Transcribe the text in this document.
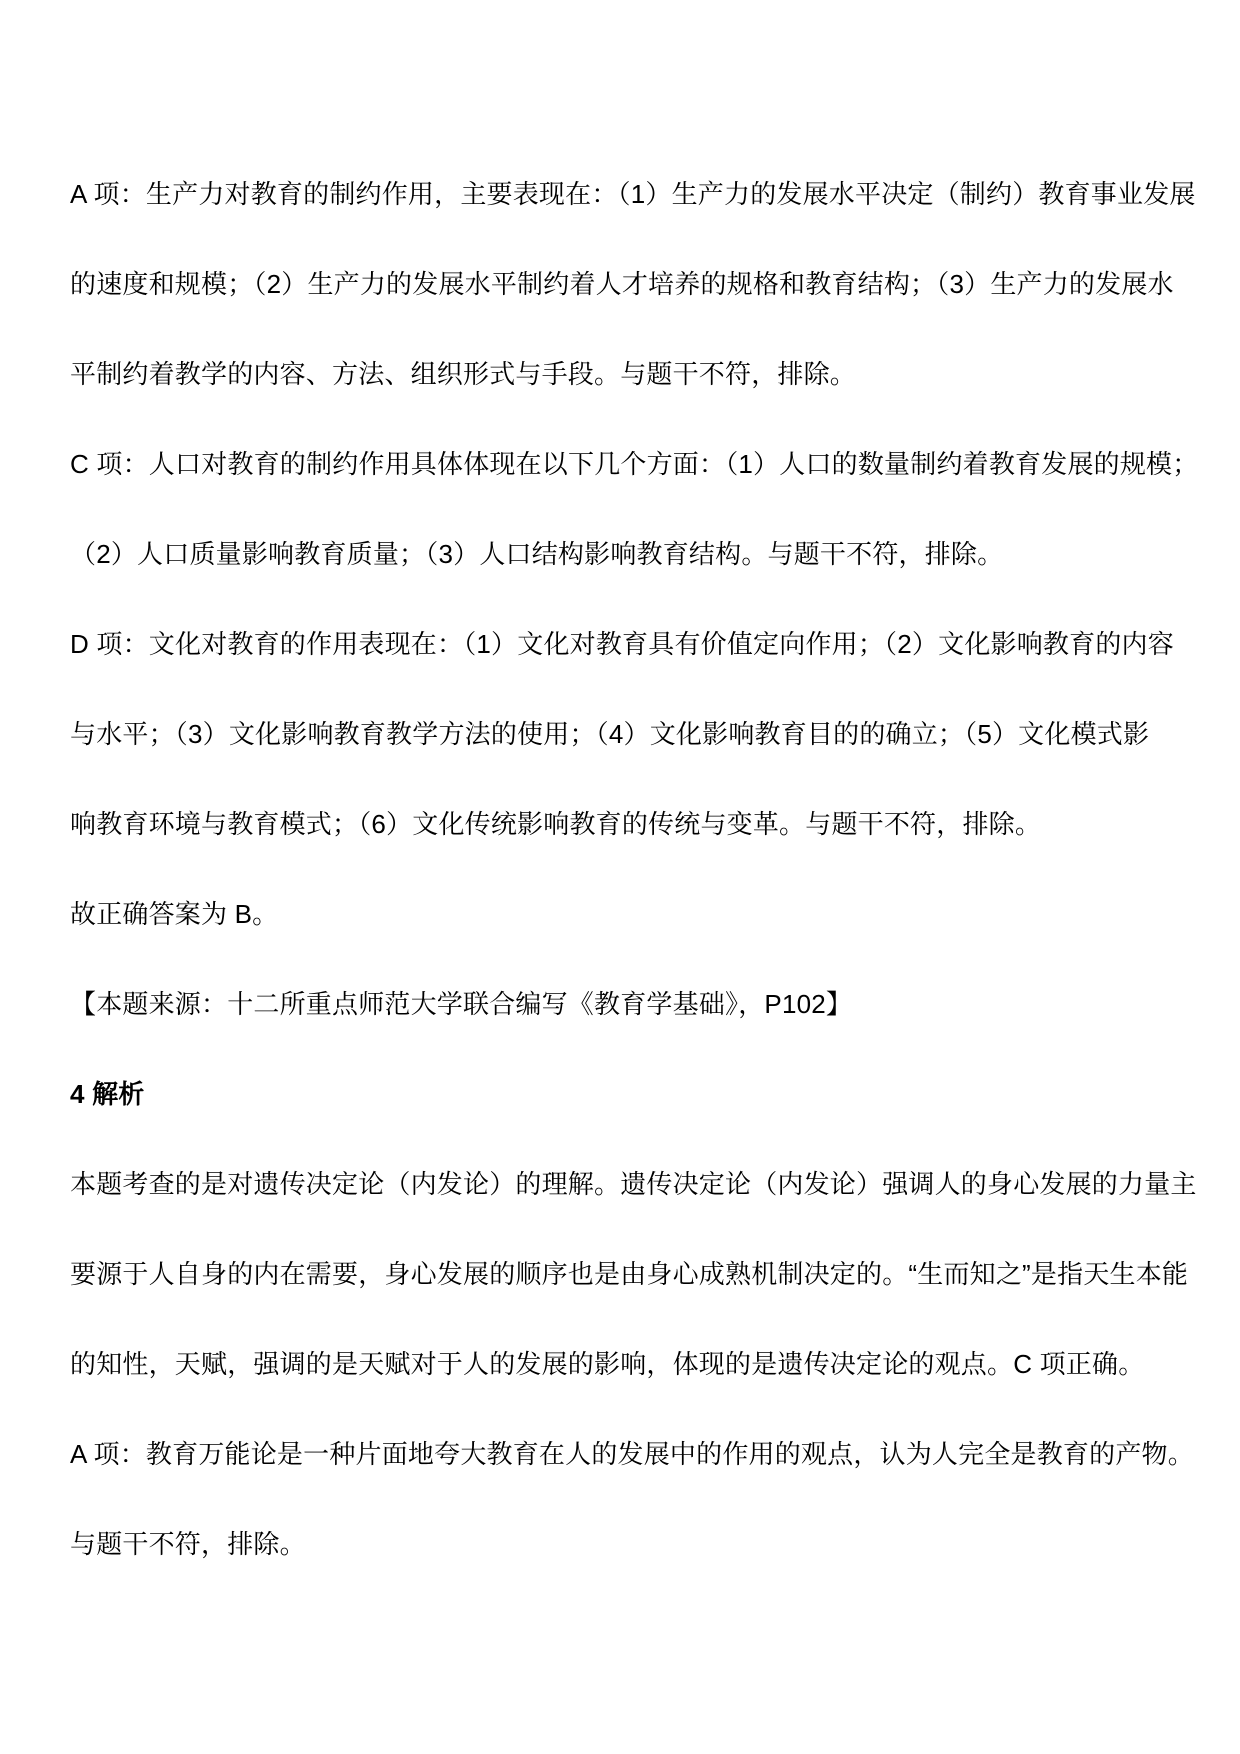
A 项：生产力对教育的制约作用，主要表现在：（1）生产力的发展水平决定（制约）教育事业发展
的速度和规模；（2）生产力的发展水平制约着人才培养的规格和教育结构；（3）生产力的发展水
平制约着教学的内容、方法、组织形式与手段。与题干不符，排除。
C 项：人口对教育的制约作用具体体现在以下几个方面：（1）人口的数量制约着教育发展的规模；
（2）人口质量影响教育质量；（3）人口结构影响教育结构。与题干不符，排除。
D 项：文化对教育的作用表现在：（1）文化对教育具有价值定向作用；（2）文化影响教育的内容
与水平；（3）文化影响教育教学方法的使用；（4）文化影响教育目的的确立；（5）文化模式影
响教育环境与教育模式；（6）文化传统影响教育的传统与变革。与题干不符，排除。
故正确答案为 B。
【本题来源：十二所重点师范大学联合编写《教育学基础》，P102】
4 解析
本题考查的是对遗传决定论（内发论）的理解。遗传决定论（内发论）强调人的身心发展的力量主
要源于人自身的内在需要，身心发展的顺序也是由身心成熟机制决定的。“生而知之”是指天生本能
的知性，天赋，强调的是天赋对于人的发展的影响，体现的是遗传决定论的观点。C 项正确。
A 项：教育万能论是一种片面地夸大教育在人的发展中的作用的观点，认为人完全是教育的产物。
与题干不符，排除。
